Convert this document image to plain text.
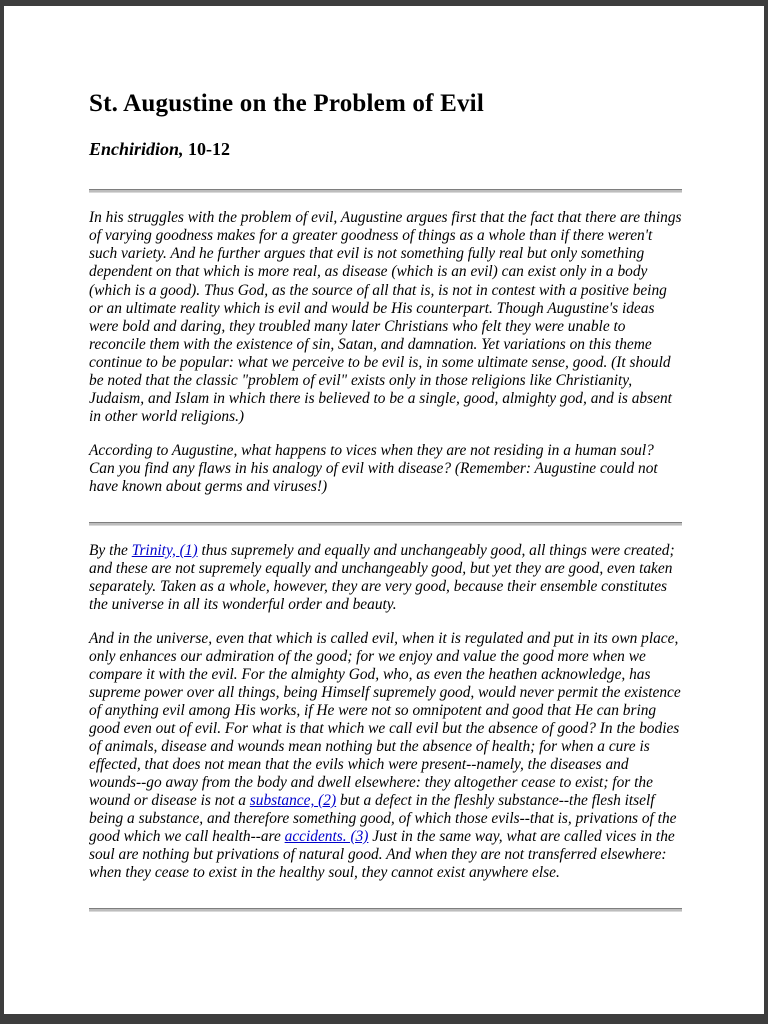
St. Augustine on the Problem of Evil
Enchiridion, 10-12

In his struggles with the problem of evil, Augustine argues first that the fact that there are things of varying goodness makes for a greater goodness of things as a whole than if there weren't such variety. And he further argues that evil is not something fully real but only something dependent on that which is more real, as disease (which is an evil) can exist only in a body (which is a good). Thus God, as the source of all that is, is not in contest with a positive being or an ultimate reality which is evil and would be His counterpart. Though Augustine's ideas were bold and daring, they troubled many later Christians who felt they were unable to reconcile them with the existence of sin, Satan, and damnation. Yet variations on this theme continue to be popular: what we perceive to be evil is, in some ultimate sense, good. (It should be noted that the classic "problem of evil" exists only in those religions like Christianity, Judaism, and Islam in which there is believed to be a single, good, almighty god, and is absent in other world religions.)

According to Augustine, what happens to vices when they are not residing in a human soul? Can you find any flaws in his analogy of evil with disease? (Remember: Augustine could not have known about germs and viruses!)

By the Trinity, (1) thus supremely and equally and unchangeably good, all things were created; and these are not supremely equally and unchangeably good, but yet they are good, even taken separately. Taken as a whole, however, they are very good, because their ensemble constitutes the universe in all its wonderful order and beauty.

And in the universe, even that which is called evil, when it is regulated and put in its own place, only enhances our admiration of the good; for we enjoy and value the good more when we compare it with the evil. For the almighty God, who, as even the heathen acknowledge, has supreme power over all things, being Himself supremely good, would never permit the existence of anything evil among His works, if He were not so omnipotent and good that He can bring good even out of evil. For what is that which we call evil but the absence of good? In the bodies of animals, disease and wounds mean nothing but the absence of health; for when a cure is effected, that does not mean that the evils which were present--namely, the diseases and wounds--go away from the body and dwell elsewhere: they altogether cease to exist; for the wound or disease is not a substance, (2) but a defect in the fleshly substance--the flesh itself being a substance, and therefore something good, of which those evils--that is, privations of the good which we call health--are accidents. (3) Just in the same way, what are called vices in the soul are nothing but privations of natural good. And when they are not transferred elsewhere: when they cease to exist in the healthy soul, they cannot exist anywhere else.
